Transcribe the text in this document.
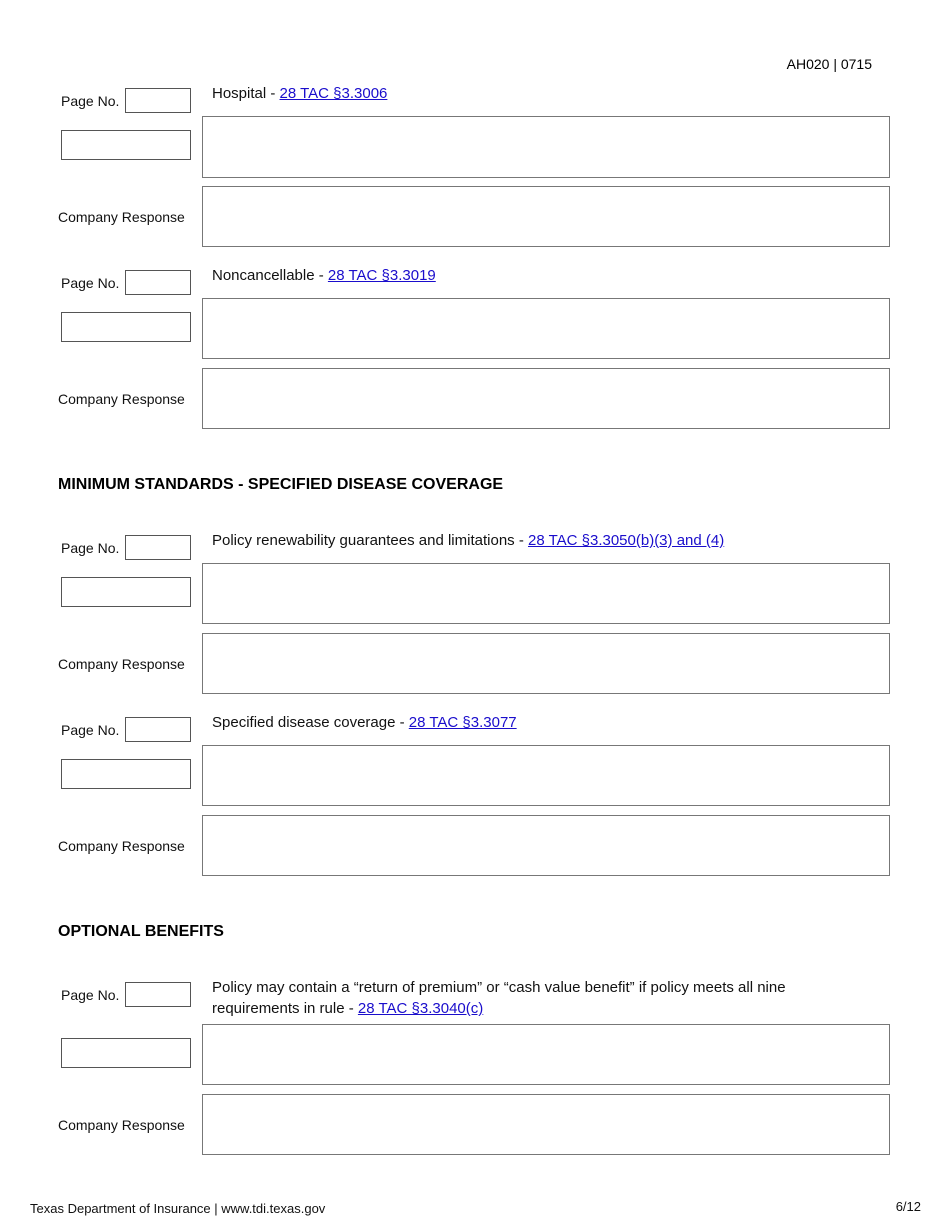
AH020 | 0715
Page No.	Hospital - 28 TAC §3.3006
Company Response
Page No.	Noncancellable - 28 TAC §3.3019
Company Response
MINIMUM STANDARDS - SPECIFIED DISEASE COVERAGE
Page No.	Policy renewability guarantees and limitations - 28 TAC §3.3050(b)(3) and (4)
Company Response
Page No.	Specified disease coverage - 28 TAC §3.3077
Company Response
OPTIONAL BENEFITS
Page No.	Policy may contain a “return of premium” or “cash value benefit” if policy meets all nine requirements in rule - 28 TAC §3.3040(c)
Company Response
Texas Department of Insurance | www.tdi.texas.gov	6/12
